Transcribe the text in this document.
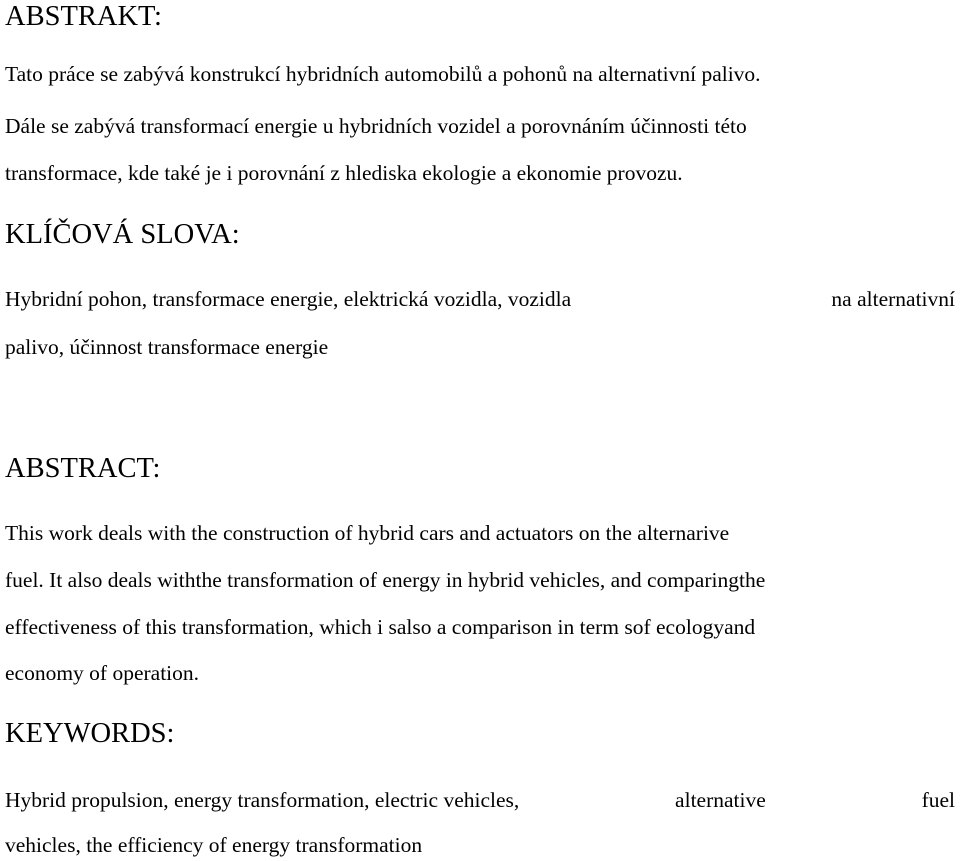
ABSTRAKT:
Tato práce se zabývá konstrukcí hybridních automobilů a pohonů na alternativní palivo.
Dále se zabývá transformací energie u hybridních vozidel a porovnáním účinnosti této
transformace, kde také je i porovnání z hlediska ekologie a ekonomie provozu.
KLÍČOVÁ SLOVA:
Hybridní pohon, transformace energie, elektrická vozidla, vozidla	na alternativní
palivo, účinnost transformace energie
ABSTRACT:
This work deals with the construction of hybrid cars and actuators on the alternarive
fuel. It also deals withthe transformation of energy in hybrid vehicles, and comparingthe
effectiveness of this transformation, which i salso a comparison in term sof ecologyand
economy of operation.
KEYWORDS:
Hybrid propulsion, energy transformation, electric vehicles,	alternative	fuel
vehicles, the efficiency of energy transformation
